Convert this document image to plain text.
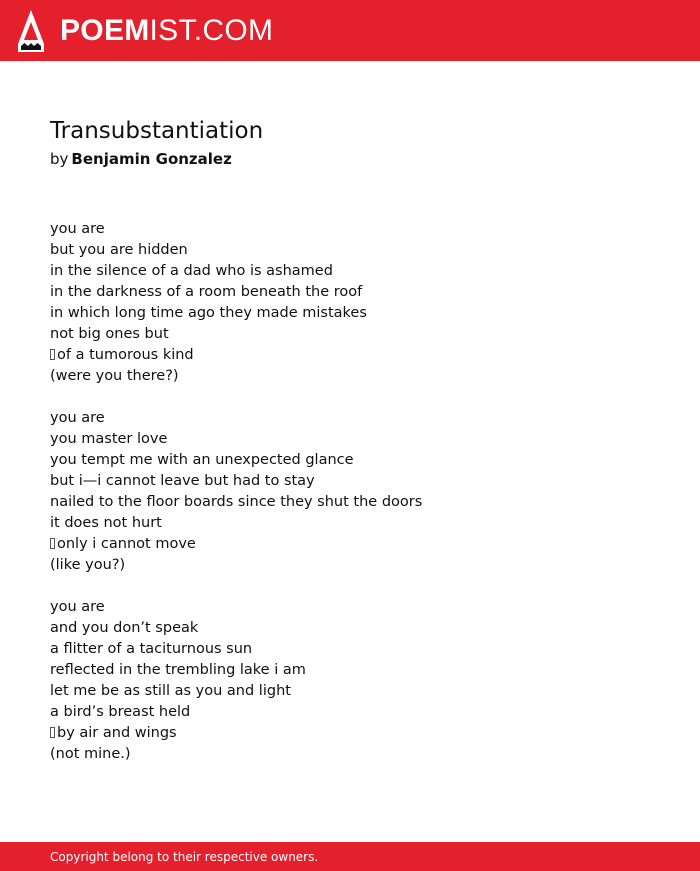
POEMIST.COM
Transubstantiation
by Benjamin Gonzalez
you are
but you are hidden
in the silence of a dad who is ashamed
in the darkness of a room beneath the roof
in which long time ago they made mistakes
not big ones but
of a tumorous kind
(were you there?)
you are
you master love
you tempt me with an unexpected glance
but i—i cannot leave but had to stay
nailed to the floor boards since they shut the doors
it does not hurt
only i cannot move
(like you?)
you are
and you don’t speak
a flitter of a taciturnous sun
reflected in the trembling lake i am
let me be as still as you and light
a bird’s breast held
by air and wings
(not mine.)
Copyright belong to their respective owners.
